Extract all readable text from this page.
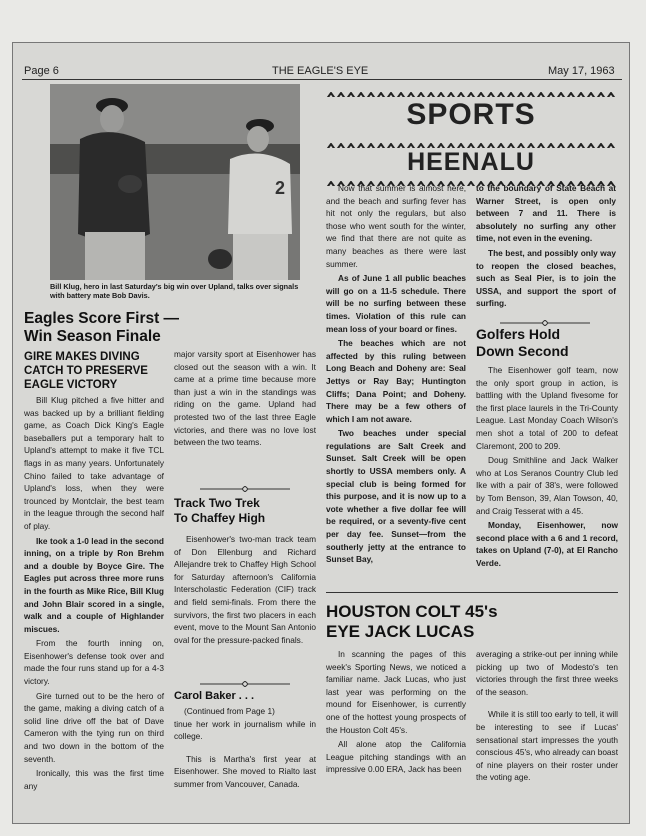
Page 6	THE EAGLE'S EYE	May 17, 1963
2
Bill Klug, hero in last Saturday's big win over Upland, talks over signals with battery mate Bob Davis.
SPORTS
HEENALU
Eagles Score First —
Win Season Finale
GIRE MAKES DIVING CATCH TO PRESERVE EAGLE VICTORY

Bill Klug pitched a five hitter and was backed up by a brilliant fielding game, as Coach Dick King's Eagle baseballers put a temporary halt to Upland's attempt to make it five TCL flags in as many years. Unfortunately Chino failed to take advantage of Upland's loss, when they were trounced by Montclair, the best team in the league through the second half of play.

Ike took a 1-0 lead in the second inning, on a triple by Ron Brehm and a double by Boyce Gire. The Eagles put across three more runs in the fourth as Mike Rice, Bill Klug and John Blair scored in a single, walk and a couple of Highlander miscues.

From the fourth inning on, Eisenhower's defense took over and made the four runs stand up for a 4-3 victory.

Gire turned out to be the hero of the game, making a diving catch of a solid line drive off the bat of Dave Cameron with the tying run on third and two down in the bottom of the seventh.

Ironically, this was the first time any

major varsity sport at Eisenhower has closed out the season with a win. It came at a prime time because more than just a win in the standings was riding on the game. Upland had protested two of the last three Eagle victories, and there was no love lost between the two teams.

Track Two Trek
To Chaffey High

Eisenhower's two-man track team of Don Ellenburg and Richard Allejandre trek to Chaffey High School for Saturday afternoon's California Interscholastic Federation (CIF) track and field semi-finals. From there the survivors, the first two placers in each event, move to the Mount San Antonio oval for the pressure-packed finals.

Carol Baker . . .

(Continued from Page 1)

tinue her work in journalism while in college.

This is Martha's first year at Eisenhower. She moved to Rialto last summer from Vancouver, Canada.

Now that summer is almost here, and the beach and surfing fever has hit not only the regulars, but also those who went south for the winter, we find that there are not quite as many beaches as there were last summer.

As of June 1 all public beaches will go on a 11-5 schedule. There will be no surfing between these times. Violation of this rule can mean loss of your board or fines.

The beaches which are not affected by this ruling between Long Beach and Doheny are: Seal Jettys or Ray Bay; Huntington Cliffs; Dana Point; and Doheny. There may be a few others of which I am not aware.

Two beaches under special regulations are Salt Creek and Sunset. Salt Creek will be open shortly to USSA members only. A special club is being formed for this purpose, and it is now up to a vote whether a five dollar fee will be required, or a seventy-five cent per day fee. Sunset—from the southerly jetty at the entrance to Sunset Bay,

to the boundary of State Beach at Warner Street, is open only between 7 and 11. There is absolutely no surfing any other time, not even in the evening.

The best, and possibly only way to reopen the closed beaches, such as Seal Pier, is to join the USSA, and support the sport of surfing.

Golfers Hold
Down Second

The Eisenhower golf team, now the only sport group in action, is battling with the Upland fivesome for the first place laurels in the Tri-County League. Last Monday Coach Wilson's men shot a total of 200 to defeat Claremont, 200 to 209.

Doug Smithline and Jack Walker who at Los Seranos Country Club led Ike with a pair of 38's, were followed by Tom Benson, 39, Alan Towson, 40, and Craig Tesserat with a 45.

Monday, Eisenhower, now second place with a 6 and 1 record, takes on Upland (7-0), at El Rancho Verde.

HOUSTON COLT 45's
EYE JACK LUCAS

In scanning the pages of this week's Sporting News, we noticed a familiar name. Jack Lucas, who just last year was performing on the mound for Eisenhower, is currently one of the hottest young prospects of the Houston Colt 45's.

All alone atop the California League pitching standings with an impressive 0.00 ERA, Jack has been

averaging a strike-out per inning while picking up two of Modesto's ten victories through the first three weeks of the season.

While it is still too early to tell, it will be interesting to see if Lucas' sensational start impresses the youth conscious 45's, who already can boast of nine players on their roster under the voting age.
